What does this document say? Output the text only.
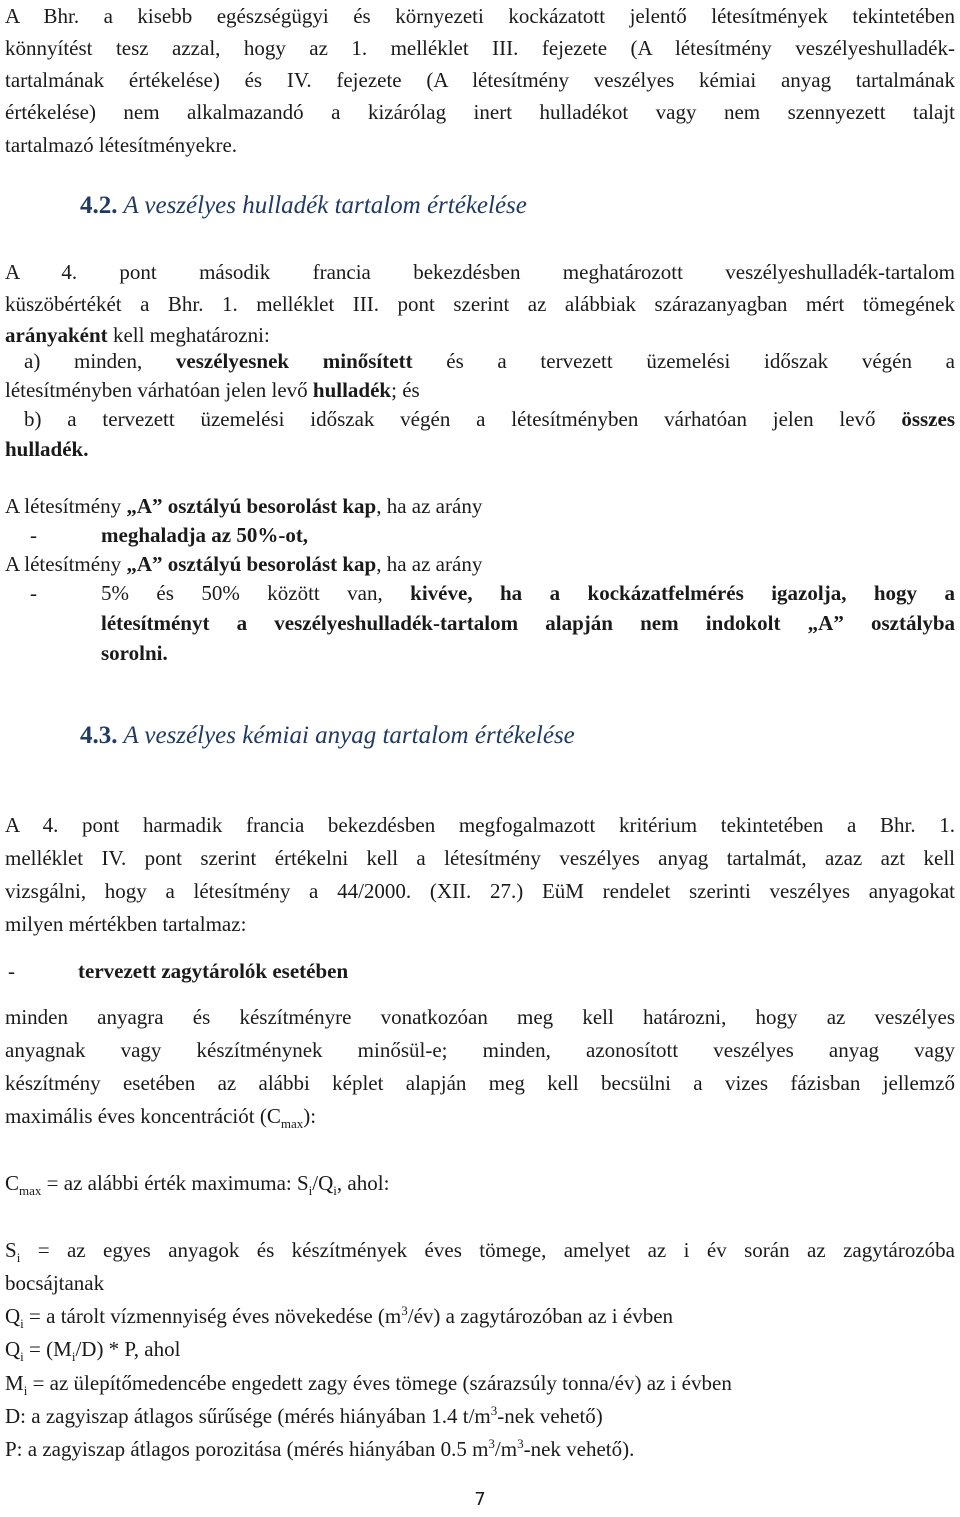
A Bhr. a kisebb egészségügyi és környezeti kockázatott jelentő létesítmények tekintetében
könnyítést tesz azzal, hogy az 1. melléklet III. fejezete (A létesítmény veszélyeshulladék-
tartalmának értékelése) és IV. fejezete (A létesítmény veszélyes kémiai anyag tartalmának
értékelése) nem alkalmazandó a kizárólag inert hulladékot vagy nem szennyezett talajt
tartalmazó létesítményekre.
4.2. A veszélyes hulladék tartalom értékelése
A 4. pont második francia bekezdésben meghatározott veszélyeshulladék-tartalom
küszöbértékét a Bhr. 1. melléklet III. pont szerint az alábbiak szárazanyagban mért tömegének
arányaként kell meghatározni:
a) minden, veszélyesnek minősített és a tervezett üzemelési időszak végén a
létesítményben várhatóan jelen levő hulladék; és
b) a tervezett üzemelési időszak végén a létesítményben várhatóan jelen levő összes
hulladék.
A létesítmény „A” osztályú besorolást kap, ha az arány
-	meghaladja az 50%-ot,
A létesítmény „A” osztályú besorolást kap, ha az arány
-	5% és 50% között van, kivéve, ha a kockázatfelmérés igazolja, hogy a
létesítményt a veszélyeshulladék-tartalom alapján nem indokolt „A” osztályba
sorolni.
4.3. A veszélyes kémiai anyag tartalom értékelése
A 4. pont harmadik francia bekezdésben megfogalmazott kritérium tekintetében a Bhr. 1.
melléklet IV. pont szerint értékelni kell a létesítmény veszélyes anyag tartalmát, azaz azt kell
vizsgálni, hogy a létesítmény a 44/2000. (XII. 27.) EüM rendelet szerinti veszélyes anyagokat
milyen mértékben tartalmaz:
-	tervezett zagytárolók esetében
minden anyagra és készítményre vonatkozóan meg kell határozni, hogy az veszélyes
anyagnak vagy készítménynek minősül-e; minden, azonosított veszélyes anyag vagy
készítmény esetében az alábbi képlet alapján meg kell becsülni a vizes fázisban jellemző
maximális éves koncentrációt $(C_{max})$:
$C_{max}$ = az alábbi érték maximuma: $S_i/Q_i$, ahol:
$S_i$ = az egyes anyagok és készítmények éves tömege, amelyet az i év során az zagytározóba
bocsájtanak
$Q_i = a$ tárolt vízmennyiség éves növekedése $(m^3/év)$ a zagytározóban az i évben
$Q_i = (M_i/D) * P$, ahol
$M_i$ = az ülepítőmedencébe engedett zagy éves tömege (szárazsúly tonna/év) az i évben
D: a zagyiszap átlagos sűrűsége (mérés hiányában 1.4 $t/m^3$-nek vehető)
P: a zagyiszap átlagos porozitása (mérés hiányában 0.5 $m^3/m^3$-nek vehető).
7
